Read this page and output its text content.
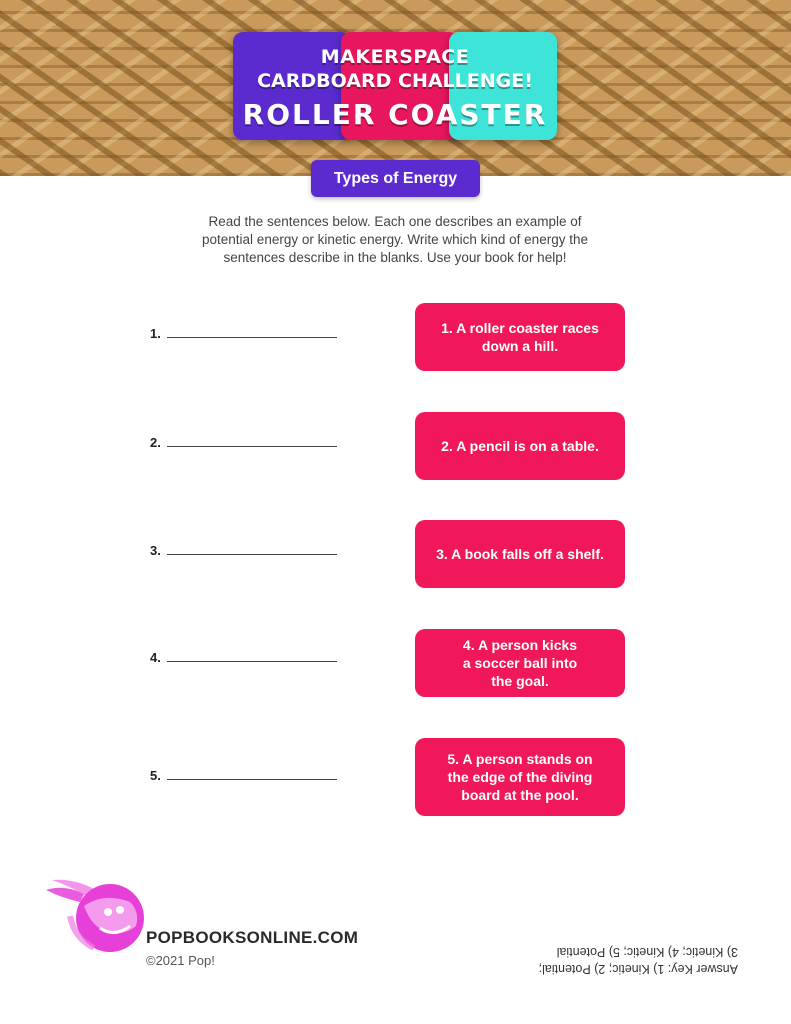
MAKERSPACE
CARDBOARD CHALLENGE!
ROLLER COASTER
Types of Energy
Read the sentences below. Each one describes an example of
potential energy or kinetic energy. Write which kind of energy the
sentences describe in the blanks. Use your book for help!
1.
2.
3.
4.
5.
1. A roller coaster races
down a hill.
2. A pencil is on a table.
3. A book falls off a shelf.
4. A person kicks
a soccer ball into
the goal.
5. A person stands on
the edge of the diving
board at the pool.
POPBOOKSONLINE.COM
©2021 Pop!
Answer Key: 1) Kinetic; 2) Potential;
3) Kinetic; 4) Kinetic; 5) Potential
